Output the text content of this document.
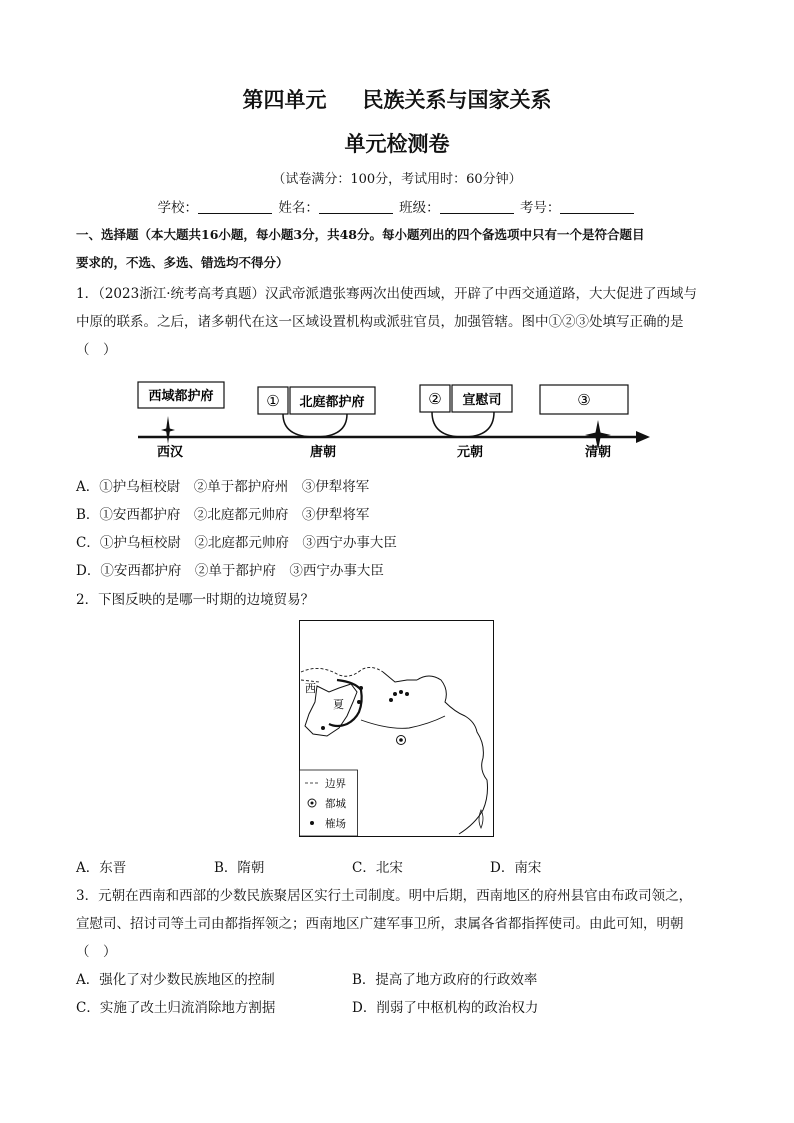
第四单元 民族关系与国家关系
单元检测卷
（试卷满分：100分，考试用时：60分钟）
学校：	姓名：	班级：	考号：
一、选择题（本大题共16小题，每小题3分，共48分。每小题列出的四个备选项中只有一个是符合题目
要求的，不选、多选、错选均不得分）
1．（2023浙江·统考高考真题）汉武帝派遣张骞两次出使西域，开辟了中西交通道路，大大促进了西域与
中原的联系。之后，诸多朝代在这一区域设置机构或派驻官员，加强管辖。图中①②③处填写正确的是
（　）
西域都护府	① 北庭都护府	② 宣慰司	③
西汉	唐朝	元朝	清朝
A．①护乌桓校尉　②单于都护府州　③伊犁将军
B．①安西都护府　②北庭都元帅府　③伊犁将军
C．①护乌桓校尉　②北庭都元帅府　③西宁办事大臣
D．①安西都护府　②单于都护府　③西宁办事大臣
2．下图反映的是哪一时期的边境贸易？
西
夏
边界
都城
榷场
A．东晋	B．隋朝	C．北宋	D．南宋
3．元朝在西南和西部的少数民族聚居区实行土司制度。明中后期，西南地区的府州县官由布政司领之，
宣慰司、招讨司等土司由都指挥领之；西南地区广建军事卫所，隶属各省都指挥使司。由此可知，明朝
（　）
A．强化了对少数民族地区的控制	B．提高了地方政府的行政效率
C．实施了改土归流消除地方割据	D．削弱了中枢机构的政治权力
